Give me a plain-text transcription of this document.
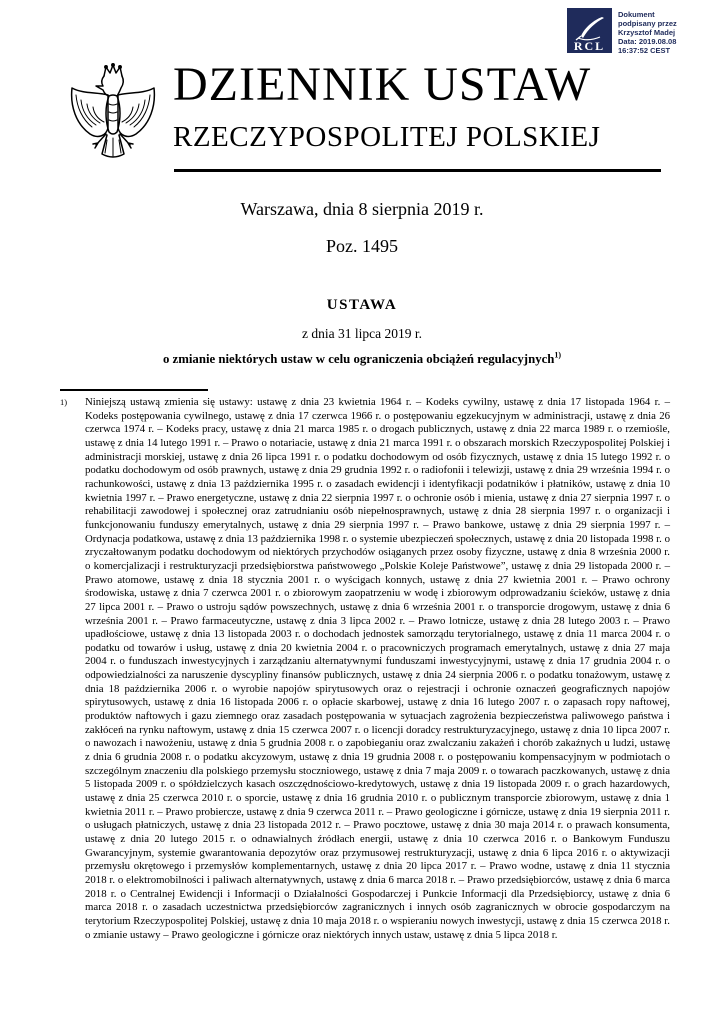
RCL
Dokument
podpisany przez
Krzysztof Madej
Data: 2019.08.08
16:37:52 CEST
DZIENNIK USTAW
RZECZYPOSPOLITEJ POLSKIEJ
Warszawa, dnia 8 sierpnia 2019 r.
Poz. 1495
USTAWA
z dnia 31 lipca 2019 r.
o zmianie niektórych ustaw w celu ograniczenia obciążeń regulacyjnych$^{1)}$
1)	Niniejszą ustawą zmienia się ustawy: ustawę z dnia 23 kwietnia 1964 r. – Kodeks cywilny, ustawę z dnia 17 listopada 1964 r. – Kodeks postępowania cywilnego, ustawę z dnia 17 czerwca 1966 r. o postępowaniu egzekucyjnym w administracji, ustawę z dnia 26 czerwca 1974 r. – Kodeks pracy, ustawę z dnia 21 marca 1985 r. o drogach publicznych, ustawę z dnia 22 marca 1989 r. o rzemiośle, ustawę z dnia 14 lutego 1991 r. – Prawo o notariacie, ustawę z dnia 21 marca 1991 r. o obszarach morskich Rzeczypospolitej Polskiej i administracji morskiej, ustawę z dnia 26 lipca 1991 r. o podatku dochodowym od osób fizycznych, ustawę z dnia 15 lutego 1992 r. o podatku dochodowym od osób prawnych, ustawę z dnia 29 grudnia 1992 r. o radiofonii i telewizji, ustawę z dnia 29 września 1994 r. o rachunkowości, ustawę z dnia 13 października 1995 r. o zasadach ewidencji i identyfikacji podatników i płatników, ustawę z dnia 10 kwietnia 1997 r. – Prawo energetyczne, ustawę z dnia 22 sierpnia 1997 r. o ochronie osób i mienia, ustawę z dnia 27 sierpnia 1997 r. o rehabilitacji zawodowej i społecznej oraz zatrudnianiu osób niepełnosprawnych, ustawę z dnia 28 sierpnia 1997 r. o organizacji i funkcjonowaniu funduszy emerytalnych, ustawę z dnia 29 sierpnia 1997 r. – Prawo bankowe, ustawę z dnia 29 sierpnia 1997 r. – Ordynacja podatkowa, ustawę z dnia 13 października 1998 r. o systemie ubezpieczeń społecznych, ustawę z dnia 20 listopada 1998 r. o zryczałtowanym podatku dochodowym od niektórych przychodów osiąganych przez osoby fizyczne, ustawę z dnia 8 września 2000 r. o komercjalizacji i restrukturyzacji przedsiębiorstwa państwowego „Polskie Koleje Państwowe”, ustawę z dnia 29 listopada 2000 r. – Prawo atomowe, ustawę z dnia 18 stycznia 2001 r. o wyścigach konnych, ustawę z dnia 27 kwietnia 2001 r. – Prawo ochrony środowiska, ustawę z dnia 7 czerwca 2001 r. o zbiorowym zaopatrzeniu w wodę i zbiorowym odprowadzaniu ścieków, ustawę z dnia 27 lipca 2001 r. – Prawo o ustroju sądów powszechnych, ustawę z dnia 6 września 2001 r. o transporcie drogowym, ustawę z dnia 6 września 2001 r. – Prawo farmaceutyczne, ustawę z dnia 3 lipca 2002 r. – Prawo lotnicze, ustawę z dnia 28 lutego 2003 r. – Prawo upadłościowe, ustawę z dnia 13 listopada 2003 r. o dochodach jednostek samorządu terytorialnego, ustawę z dnia 11 marca 2004 r. o podatku od towarów i usług, ustawę z dnia 20 kwietnia 2004 r. o pracowniczych programach emerytalnych, ustawę z dnia 27 maja 2004 r. o funduszach inwestycyjnych i zarządzaniu alternatywnymi funduszami inwestycyjnymi, ustawę z dnia 17 grudnia 2004 r. o odpowiedzialności za naruszenie dyscypliny finansów publicznych, ustawę z dnia 24 sierpnia 2006 r. o podatku tonażowym, ustawę z dnia 18 października 2006 r. o wyrobie napojów spirytusowych oraz o rejestracji i ochronie oznaczeń geograficznych napojów spirytusowych, ustawę z dnia 16 listopada 2006 r. o opłacie skarbowej, ustawę z dnia 16 lutego 2007 r. o zapasach ropy naftowej, produktów naftowych i gazu ziemnego oraz zasadach postępowania w sytuacjach zagrożenia bezpieczeństwa paliwowego państwa i zakłóceń na rynku naftowym, ustawę z dnia 15 czerwca 2007 r. o licencji doradcy restrukturyzacyjnego, ustawę z dnia 10 lipca 2007 r. o nawozach i nawożeniu, ustawę z dnia 5 grudnia 2008 r. o zapobieganiu oraz zwalczaniu zakażeń i chorób zakaźnych u ludzi, ustawę z dnia 6 grudnia 2008 r. o podatku akcyzowym, ustawę z dnia 19 grudnia 2008 r. o postępowaniu kompensacyjnym w podmiotach o szczególnym znaczeniu dla polskiego przemysłu stoczniowego, ustawę z dnia 7 maja 2009 r. o towarach paczkowanych, ustawę z dnia 5 listopada 2009 r. o spółdzielczych kasach oszczędnościowo-kredytowych, ustawę z dnia 19 listopada 2009 r. o grach hazardowych, ustawę z dnia 25 czerwca 2010 r. o sporcie, ustawę z dnia 16 grudnia 2010 r. o publicznym transporcie zbiorowym, ustawę z dnia 1 kwietnia 2011 r. – Prawo probiercze, ustawę z dnia 9 czerwca 2011 r. – Prawo geologiczne i górnicze, ustawę z dnia 19 sierpnia 2011 r. o usługach płatniczych, ustawę z dnia 23 listopada 2012 r. – Prawo pocztowe, ustawę z dnia 30 maja 2014 r. o prawach konsumenta, ustawę z dnia 20 lutego 2015 r. o odnawialnych źródłach energii, ustawę z dnia 10 czerwca 2016 r. o Bankowym Funduszu Gwarancyjnym, systemie gwarantowania depozytów oraz przymusowej restrukturyzacji, ustawę z dnia 6 lipca 2016 r. o aktywizacji przemysłu okrętowego i przemysłów komplementarnych, ustawę z dnia 20 lipca 2017 r. – Prawo wodne, ustawę z dnia 11 stycznia 2018 r. o elektromobilności i paliwach alternatywnych, ustawę z dnia 6 marca 2018 r. – Prawo przedsiębiorców, ustawę z dnia 6 marca 2018 r. o Centralnej Ewidencji i Informacji o Działalności Gospodarczej i Punkcie Informacji dla Przedsiębiorcy, ustawę z dnia 6 marca 2018 r. o zasadach uczestnictwa przedsiębiorców zagranicznych i innych osób zagranicznych w obrocie gospodarczym na terytorium Rzeczypospolitej Polskiej, ustawę z dnia 10 maja 2018 r. o wspieraniu nowych inwestycji, ustawę z dnia 15 czerwca 2018 r. o zmianie ustawy – Prawo geologiczne i górnicze oraz niektórych innych ustaw, ustawę z dnia 5 lipca 2018 r.
